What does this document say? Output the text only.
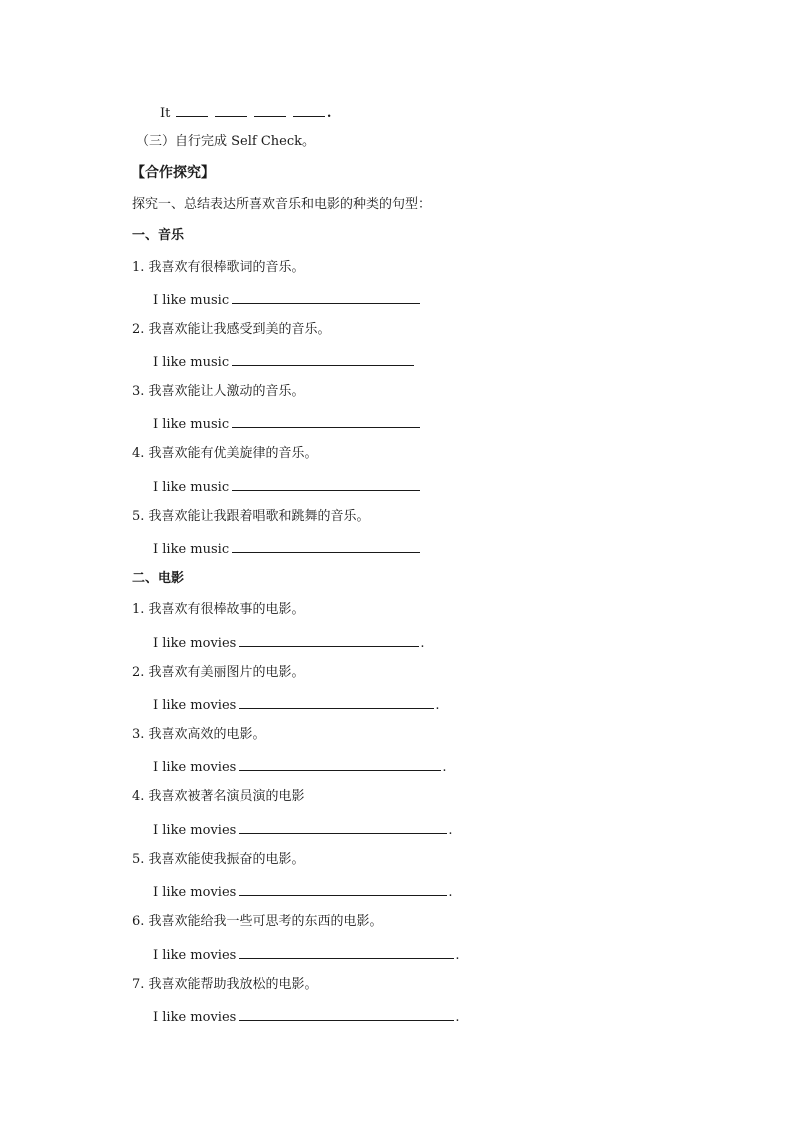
It	.
（三）自行完成 Self Check。
【合作探究】
探究一、总结表达所喜欢音乐和电影的种类的句型：
一、音乐
1. 我喜欢有很棒歌词的音乐。
I like music
2. 我喜欢能让我感受到美的音乐。
I like music
3. 我喜欢能让人激动的音乐。
I like music
4. 我喜欢能有优美旋律的音乐。
I like music
5. 我喜欢能让我跟着唱歌和跳舞的音乐。
I like music
二、电影
1. 我喜欢有很棒故事的电影。
I like movies	.
2. 我喜欢有美丽图片的电影。
I like movies	.
3. 我喜欢高效的电影。
I like movies	.
4. 我喜欢被著名演员演的电影
I like movies	.
5. 我喜欢能使我振奋的电影。
I like movies	.
6. 我喜欢能给我一些可思考的东西的电影。
I like movies	.
7. 我喜欢能帮助我放松的电影。
I like movies	.
